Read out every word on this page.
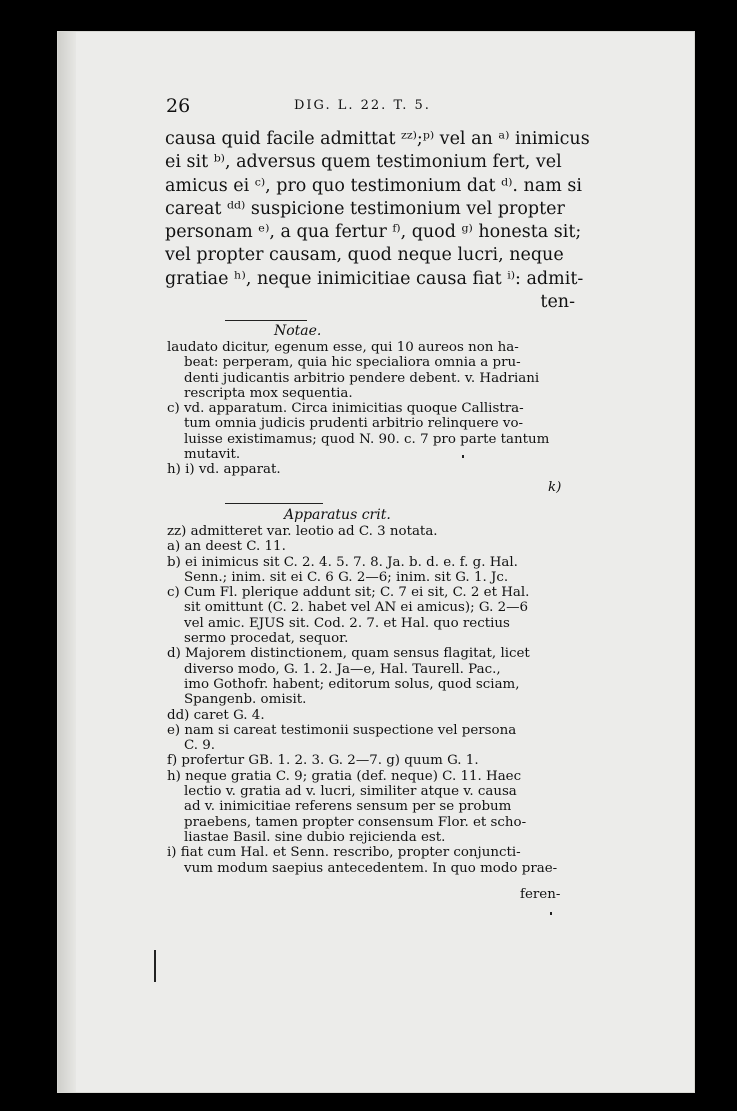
26	DIG. L. 22. T. 5.
causa quid facile admittat ᶻᶻ⁾;ᵖ⁾ vel an ᵃ⁾ inimicus
ei sit ᵇ⁾, adversus quem testimonium fert, vel
amicus ei ᶜ⁾, pro quo testimonium dat ᵈ⁾. nam si
careat ᵈᵈ⁾ suspicione testimonium vel propter
personam ᵉ⁾, a qua fertur ᶠ⁾, quod ᵍ⁾ honesta sit;
vel propter causam, quod neque lucri, neque
gratiae ʰ⁾, neque inimicitiae causa fiat ⁱ⁾: admit-
ten-
Notae.
laudato dicitur, egenum esse, qui 10 aureos non ha-
beat: perperam, quia hic specialiora omnia a pru-
denti judicantis arbitrio pendere debent. v. Hadriani
rescripta mox sequentia.
c) vd. apparatum. Circa inimicitias quoque Callistra-
tum omnia judicis prudenti arbitrio relinquere vo-
luisse existimamus; quod N. 90. c. 7 pro parte tantum
mutavit.
h) i) vd. apparat.
k)
Apparatus crit.
zz) admitteret var. leotio ad C. 3 notata.
a) an deest C. 11.
b) ei inimicus sit C. 2. 4. 5. 7. 8. Ja. b. d. e. f. g. Hal.
Senn.; inim. sit ei C. 6 G. 2—6; inim. sit G. 1. Jc.
c) Cum Fl. plerique addunt sit; C. 7 ei sit, C. 2 et Hal.
sit omittunt (C. 2. habet vel AN ei amicus); G. 2—6
vel amic. EJUS sit. Cod. 2. 7. et Hal. quo rectius
sermo procedat, sequor.
d) Majorem distinctionem, quam sensus flagitat, licet
diverso modo, G. 1. 2. Ja—e, Hal. Taurell. Pac.,
imo Gothofr. habent; editorum solus, quod sciam,
Spangenb. omisit.
dd) caret G. 4.
e) nam si careat testimonii suspectione vel persona
C. 9.
f) profertur GB. 1. 2. 3. G. 2—7. g) quum G. 1.
h) neque gratia C. 9; gratia (def. neque) C. 11. Haec
lectio v. gratia ad v. lucri, similiter atque v. causa
ad v. inimicitiae referens sensum per se probum
praebens, tamen propter consensum Flor. et scho-
liastae Basil. sine dubio rejicienda est.
i) fiat cum Hal. et Senn. rescribo, propter conjuncti-
vum modum saepius antecedentem. In quo modo prae-
feren-
